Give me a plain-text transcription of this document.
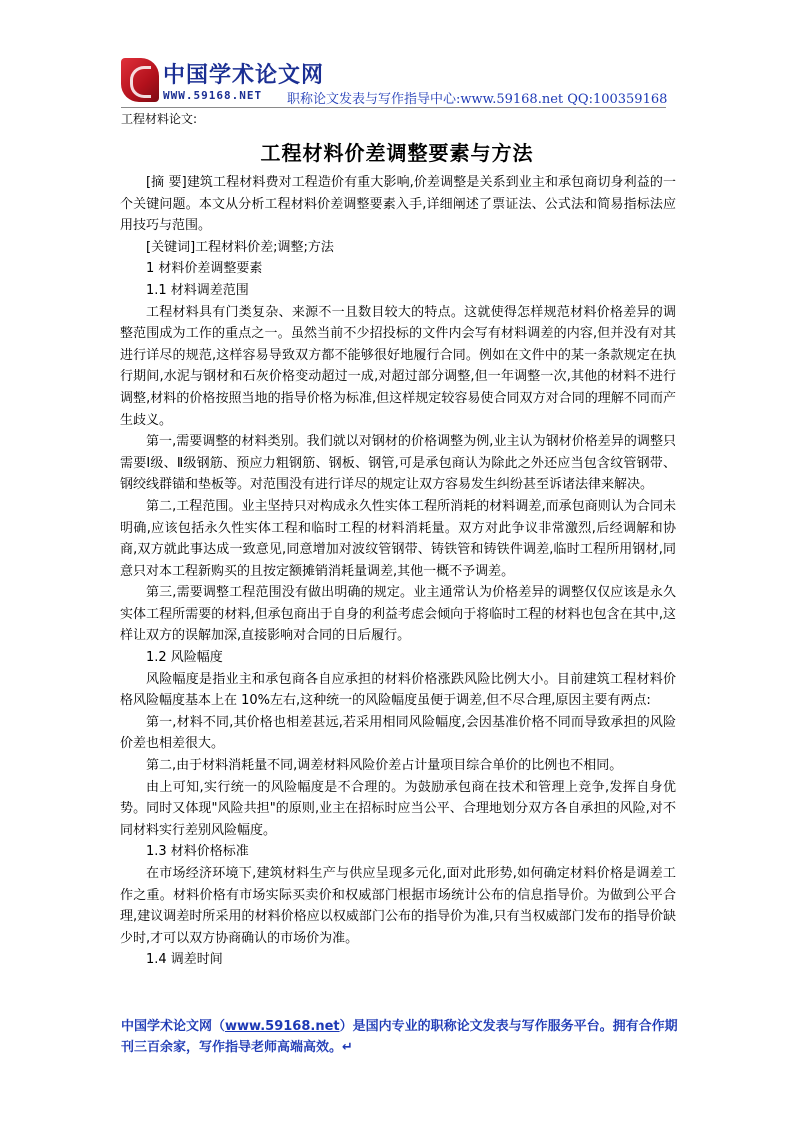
中国学术论文网
WWW.59168.NET 职称论文发表与写作指导中心:www.59168.net QQ:100359168
工程材料论文:
工程材料价差调整要素与方法

[摘 要]建筑工程材料费对工程造价有重大影响,价差调整是关系到业主和承包商切身利益的一个关键问题。本文从分析工程材料价差调整要素入手,详细阐述了票证法、公式法和简易指标法应用技巧与范围。

[关键词]工程材料价差;调整;方法

1 材料价差调整要素

1.1 材料调差范围

工程材料具有门类复杂、来源不一且数目较大的特点。这就使得怎样规范材料价格差异的调整范围成为工作的重点之一。虽然当前不少招投标的文件内会写有材料调差的内容,但并没有对其进行详尽的规范,这样容易导致双方都不能够很好地履行合同。例如在文件中的某一条款规定在执行期间,水泥与钢材和石灰价格变动超过一成,对超过部分调整,但一年调整一次,其他的材料不进行调整,材料的价格按照当地的指导价格为标准,但这样规定较容易使合同双方对合同的理解不同而产生歧义。

第一,需要调整的材料类别。我们就以对钢材的价格调整为例,业主认为钢材价格差异的调整只需要Ⅰ级、Ⅱ级钢筋、预应力粗钢筋、钢板、钢管,可是承包商认为除此之外还应当包含纹管钢带、钢绞线群锚和垫板等。对范围没有进行详尽的规定让双方容易发生纠纷甚至诉诸法律来解决。

第二,工程范围。业主坚持只对构成永久性实体工程所消耗的材料调差,而承包商则认为合同未明确,应该包括永久性实体工程和临时工程的材料消耗量。双方对此争议非常激烈,后经调解和协商,双方就此事达成一致意见,同意增加对波纹管钢带、铸铁管和铸铁件调差,临时工程所用钢材,同意只对本工程新购买的且按定额摊销消耗量调差,其他一概不予调差。

第三,需要调整工程范围没有做出明确的规定。业主通常认为价格差异的调整仅仅应该是永久实体工程所需要的材料,但承包商出于自身的利益考虑会倾向于将临时工程的材料也包含在其中,这样让双方的误解加深,直接影响对合同的日后履行。

1.2 风险幅度

风险幅度是指业主和承包商各自应承担的材料价格涨跌风险比例大小。目前建筑工程材料价格风险幅度基本上在 10%左右,这种统一的风险幅度虽便于调差,但不尽合理,原因主要有两点:

第一,材料不同,其价格也相差甚远,若采用相同风险幅度,会因基准价格不同而导致承担的风险价差也相差很大。

第二,由于材料消耗量不同,调差材料风险价差占计量项目综合单价的比例也不相同。

由上可知,实行统一的风险幅度是不合理的。为鼓励承包商在技术和管理上竞争,发挥自身优势。同时又体现"风险共担"的原则,业主在招标时应当公平、合理地划分双方各自承担的风险,对不同材料实行差别风险幅度。

1.3 材料价格标准

在市场经济环境下,建筑材料生产与供应呈现多元化,面对此形势,如何确定材料价格是调差工作之重。材料价格有市场实际买卖价和权威部门根据市场统计公布的信息指导价。为做到公平合理,建议调差时所采用的材料价格应以权威部门公布的指导价为准,只有当权威部门发布的指导价缺少时,才可以双方协商确认的市场价为准。

1.4 调差时间

中国学术论文网（www.59168.net）是国内专业的职称论文发表与写作服务平台。拥有合作期刊三百余家，写作指导老师高端高效。↵
